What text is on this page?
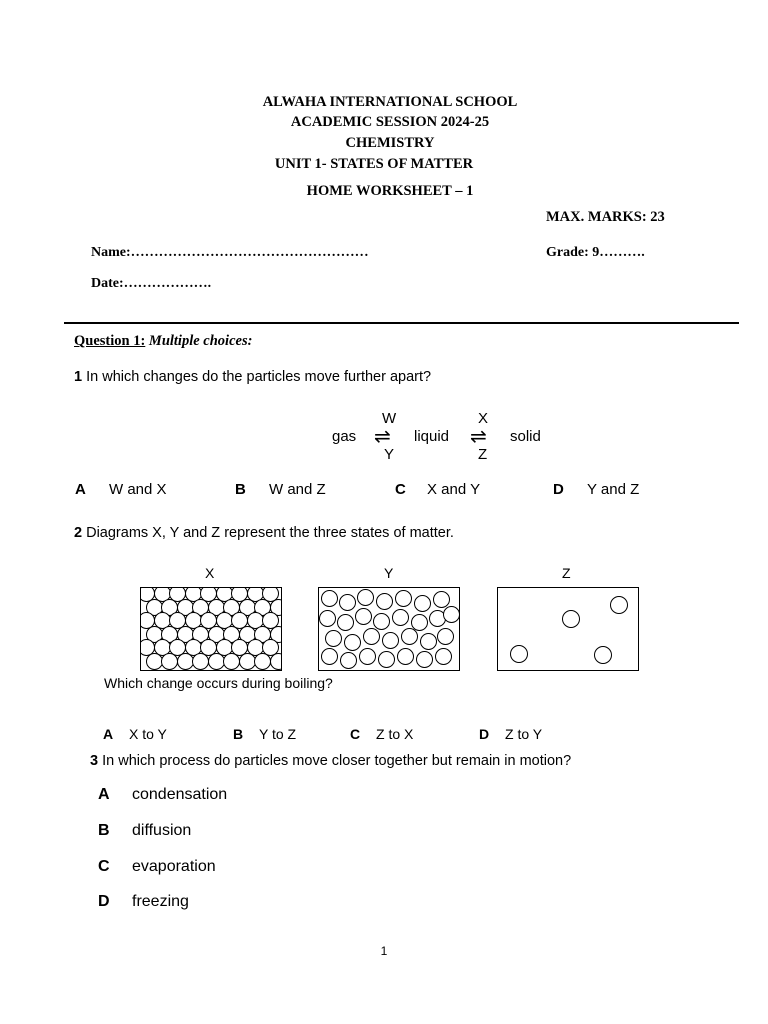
ALWAHA INTERNATIONAL SCHOOL
ACADEMIC SESSION 2024-25
CHEMISTRY
UNIT 1- STATES OF MATTER
HOME WORKSHEET – 1
MAX. MARKS: 23
Name:……………………………………………	Grade: 9……….
Date:……………….
Question 1: Multiple choices:
1 In which changes do the particles move further apart?
gas
W
⇌
Y
liquid
X
⇌
Z
solid
A W and X	B W and Z	C X and Y	D Y and Z
2 Diagrams X, Y and Z represent the three states of matter.
X	Y	Z
Which change occurs during boiling?
A X to Y	B Y to Z	C Z to X	D Z to Y
3 In which process do particles move closer together but remain in motion?
A condensation
B diffusion
C evaporation
D freezing
1
